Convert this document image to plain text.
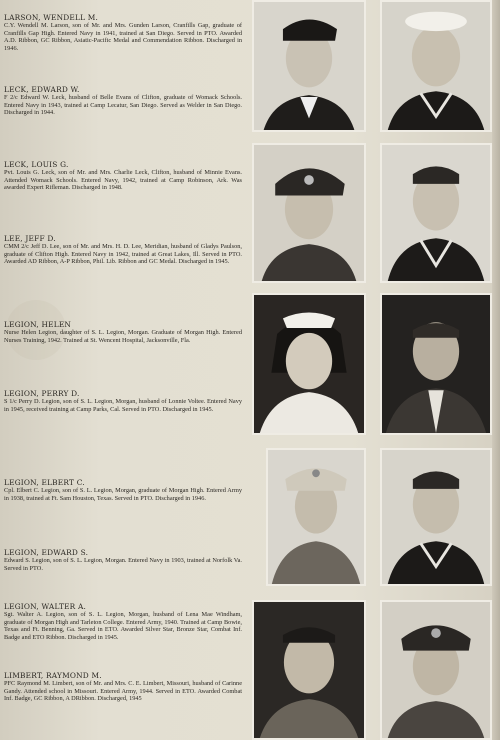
LARSON, WENDELL M.
C.Y. Wendell M. Larson, son of Mr. and Mrs. Gunden Larson, Cranfills Gap, graduate of Cranfills Gap High. Entered Navy in 1941, trained at San Diego. Served in PTO. Awarded A.D. Ribbon, GC Ribbon, Asiatic-Pacific Medal and Commendation Ribbon. Discharged in 1946.
LECK, EDWARD W.
F 2/c Edward W. Leck, husband of Belle Evans of Clifton, graduate of Womack Schools. Entered Navy in 1943, trained at Camp Lecatur, San Diego. Served as Welder in San Diego. Discharged in 1944.
LECK, LOUIS G.
Pvt. Louis G. Leck, son of Mr. and Mrs. Charlie Leck, Clifton, husband of Minnie Evans. Attended Womack Schools. Entered Navy, 1942, trained at Camp Robinson, Ark. Was awarded Expert Rifleman. Discharged in 1948.
LEE, JEFF D.
CMM 2/c Jeff D. Lee, son of Mr. and Mrs. H. D. Lee, Meridian, husband of Gladys Paulson, graduate of Clifton High. Entered Navy in 1942, trained at Great Lakes, Ill. Served in PTO. Awarded AD Ribbon, A-P Ribbon, Phil. Lib. Ribbon and GC Medal. Discharged in 1945.
LEGION, HELEN
Nurse Helen Legion, daughter of S. L. Legion, Morgan. Graduate of Morgan High. Entered Nurses Training, 1942. Trained at St. Wencent Hospital, Jacksonville, Fla.
LEGION, PERRY D.
S 1/c Perry D. Legion, son of S. L. Legion, Morgan, husband of Lonnie Voltee. Entered Navy in 1945, received training at Camp Parks, Cal. Served in PTO. Discharged in 1945.
LEGION, ELBERT C.
Cpl. Elbert C. Legion, son of S. L. Legion, Morgan, graduate of Morgan High. Entered Army in 1938, trained at Ft. Sam Houston, Texas. Served in PTO. Discharged in 1946.
LEGION, EDWARD S.
Edward S. Legion, son of S. L. Legion, Morgan. Entered Navy in 1903, trained at Norfolk Va. Served in PTO.
LEGION, WALTER A.
Sgt. Walter A. Legion, son of S. L. Legion, Morgan, husband of Lena Mae Windham, graduate of Morgan High and Tarleton College. Entered Army, 1940. Trained at Camp Bowie, Texas and Ft. Benning, Ga. Served in ETO. Awarded Silver Star, Bronze Star, Combat Inf. Badge and ETO Ribbon. Discharged in 1945.
LIMBERT, RAYMOND M.
PFC Raymond M. Limbert, son of Mr. and Mrs. C. E. Limbert, Missouri, husband of Carinne Gandy. Attended school in Missouri. Entered Army, 1944. Served in ETO. Awarded Combat Inf. Badge, GC Ribbon, A DRibbon. Discharged, 1945
